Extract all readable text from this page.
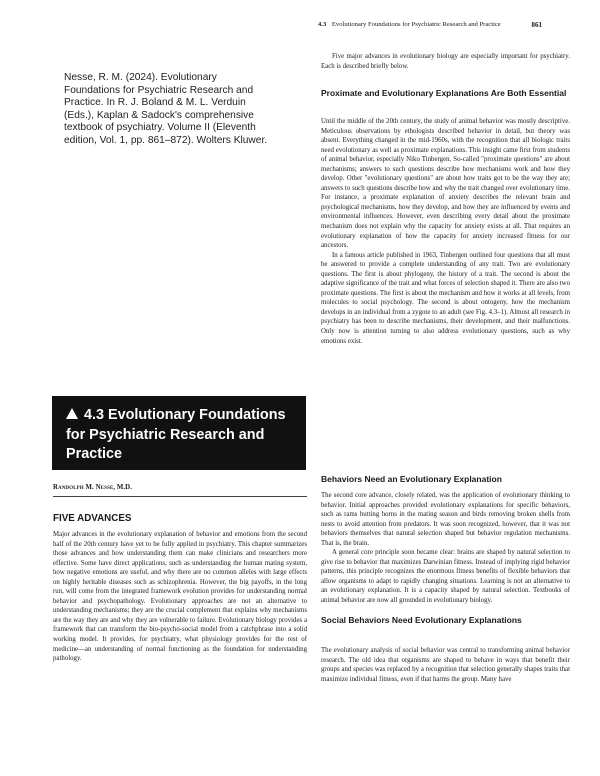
4.3 Evolutionary Foundations for Psychiatric Research and Practice	861
Nesse, R. M. (2024). Evolutionary Foundations for Psychiatric Research and Practice. In R. J. Boland & M. L. Verduin (Eds.), Kaplan & Sadock's comprehensive textbook of psychiatry. Volume II (Eleventh edition, Vol. 1, pp. 861–872). Wolters Kluwer.
4.3 Evolutionary Foundations for Psychiatric Research and Practice
Randolph M. Nesse, M.D.
FIVE ADVANCES

Major advances in the evolutionary explanation of behavior and emotions from the second half of the 20th century have yet to be fully applied in psychiatry. This chapter summarizes those advances and how understanding them can make clinicians and researchers more effective. Some have direct applications, such as understanding the human mating system, how negative emotions are useful, and why there are no common alleles with large effects on highly heritable diseases such as schizophrenia. However, the big payoffs, in the long run, will come from the integrated framework evolution provides for understanding normal behavior and psychopathology. Evolutionary approaches are not an alternative to understanding mechanisms; they are the crucial complement that explains why mechanisms are the way they are and why they are vulnerable to failure. Evolutionary biology provides a framework that can transform the bio-psycho-social model from a catchphrase into a solid working model. It provides, for psychiatry, what physiology provides for the rest of medicine—an understanding of normal functioning as the foundation for understanding pathology.

Five major advances in evolutionary biology are especially important for psychiatry. Each is described briefly below.

Proximate and Evolutionary Explanations Are Both Essential

Until the middle of the 20th century, the study of animal behavior was mostly descriptive. Meticulous observations by ethologists described behavior in detail, but theory was absent. Everything changed in the mid-1960s, with the recognition that all biologic traits need evolutionary as well as proximate explanations. This insight came first from students of animal behavior, especially Niko Tinbergen. So-called "proximate questions" are about mechanisms; answers to such questions describe how mechanisms work and how they develop. Other "evolutionary questions" are about how traits got to be the way they are; answers to such questions describe how and why the trait changed over evolutionary time. For instance, a proximate explanation of anxiety describes the relevant brain and psychological mechanisms, how they develop, and how they are influenced by events and environmental influences. However, even describing every detail about the proximate mechanism does not explain why the capacity for anxiety exists at all. That requires an evolutionary explanation of how the capacity for anxiety increased fitness for our ancestors.

In a famous article published in 1963, Tinbergen outlined four questions that all must be answered to provide a complete understanding of any trait. Two are evolutionary questions. The first is about phylogeny, the history of a trait. The second is about the adaptive significance of the trait and what forces of selection shaped it. There are also two proximate questions. The first is about the mechanism and how it works at all levels, from molecules to social psychology. The second is about ontogeny, how the mechanism develops in an individual from a zygote to an adult (see Fig. 4.3–1). Almost all research in psychiatry has been to describe mechanisms, their development, and their malfunctions. Only now is attention turning to also address evolutionary questions, such as why emotions exist.

Behaviors Need an Evolutionary Explanation

The second core advance, closely related, was the application of evolutionary thinking to behavior. Initial approaches provided evolutionary explanations for specific behaviors, such as rams butting horns in the mating season and birds removing broken shells from nests to avoid attention from predators. It was soon recognized, however, that it was not behaviors themselves that natural selection shaped but behavior regulation mechanisms. That is, the brain.

A general core principle soon became clear: brains are shaped by natural selection to give rise to behavior that maximizes Darwinian fitness. Instead of implying rigid behavior patterns, this principle recognizes the enormous fitness benefits of flexible behaviors that allow organisms to adapt to rapidly changing situations. Learning is not an alternative to an evolutionary explanation. It is a capacity shaped by natural selection. Textbooks of animal behavior are now all grounded in evolutionary biology.

Social Behaviors Need Evolutionary Explanations

The evolutionary analysis of social behavior was central to transforming animal behavior research. The old idea that organisms are shaped to behave in ways that benefit their groups and species was replaced by a recognition that selection generally shapes traits that maximize individual fitness, even if that harms the group. Many have
